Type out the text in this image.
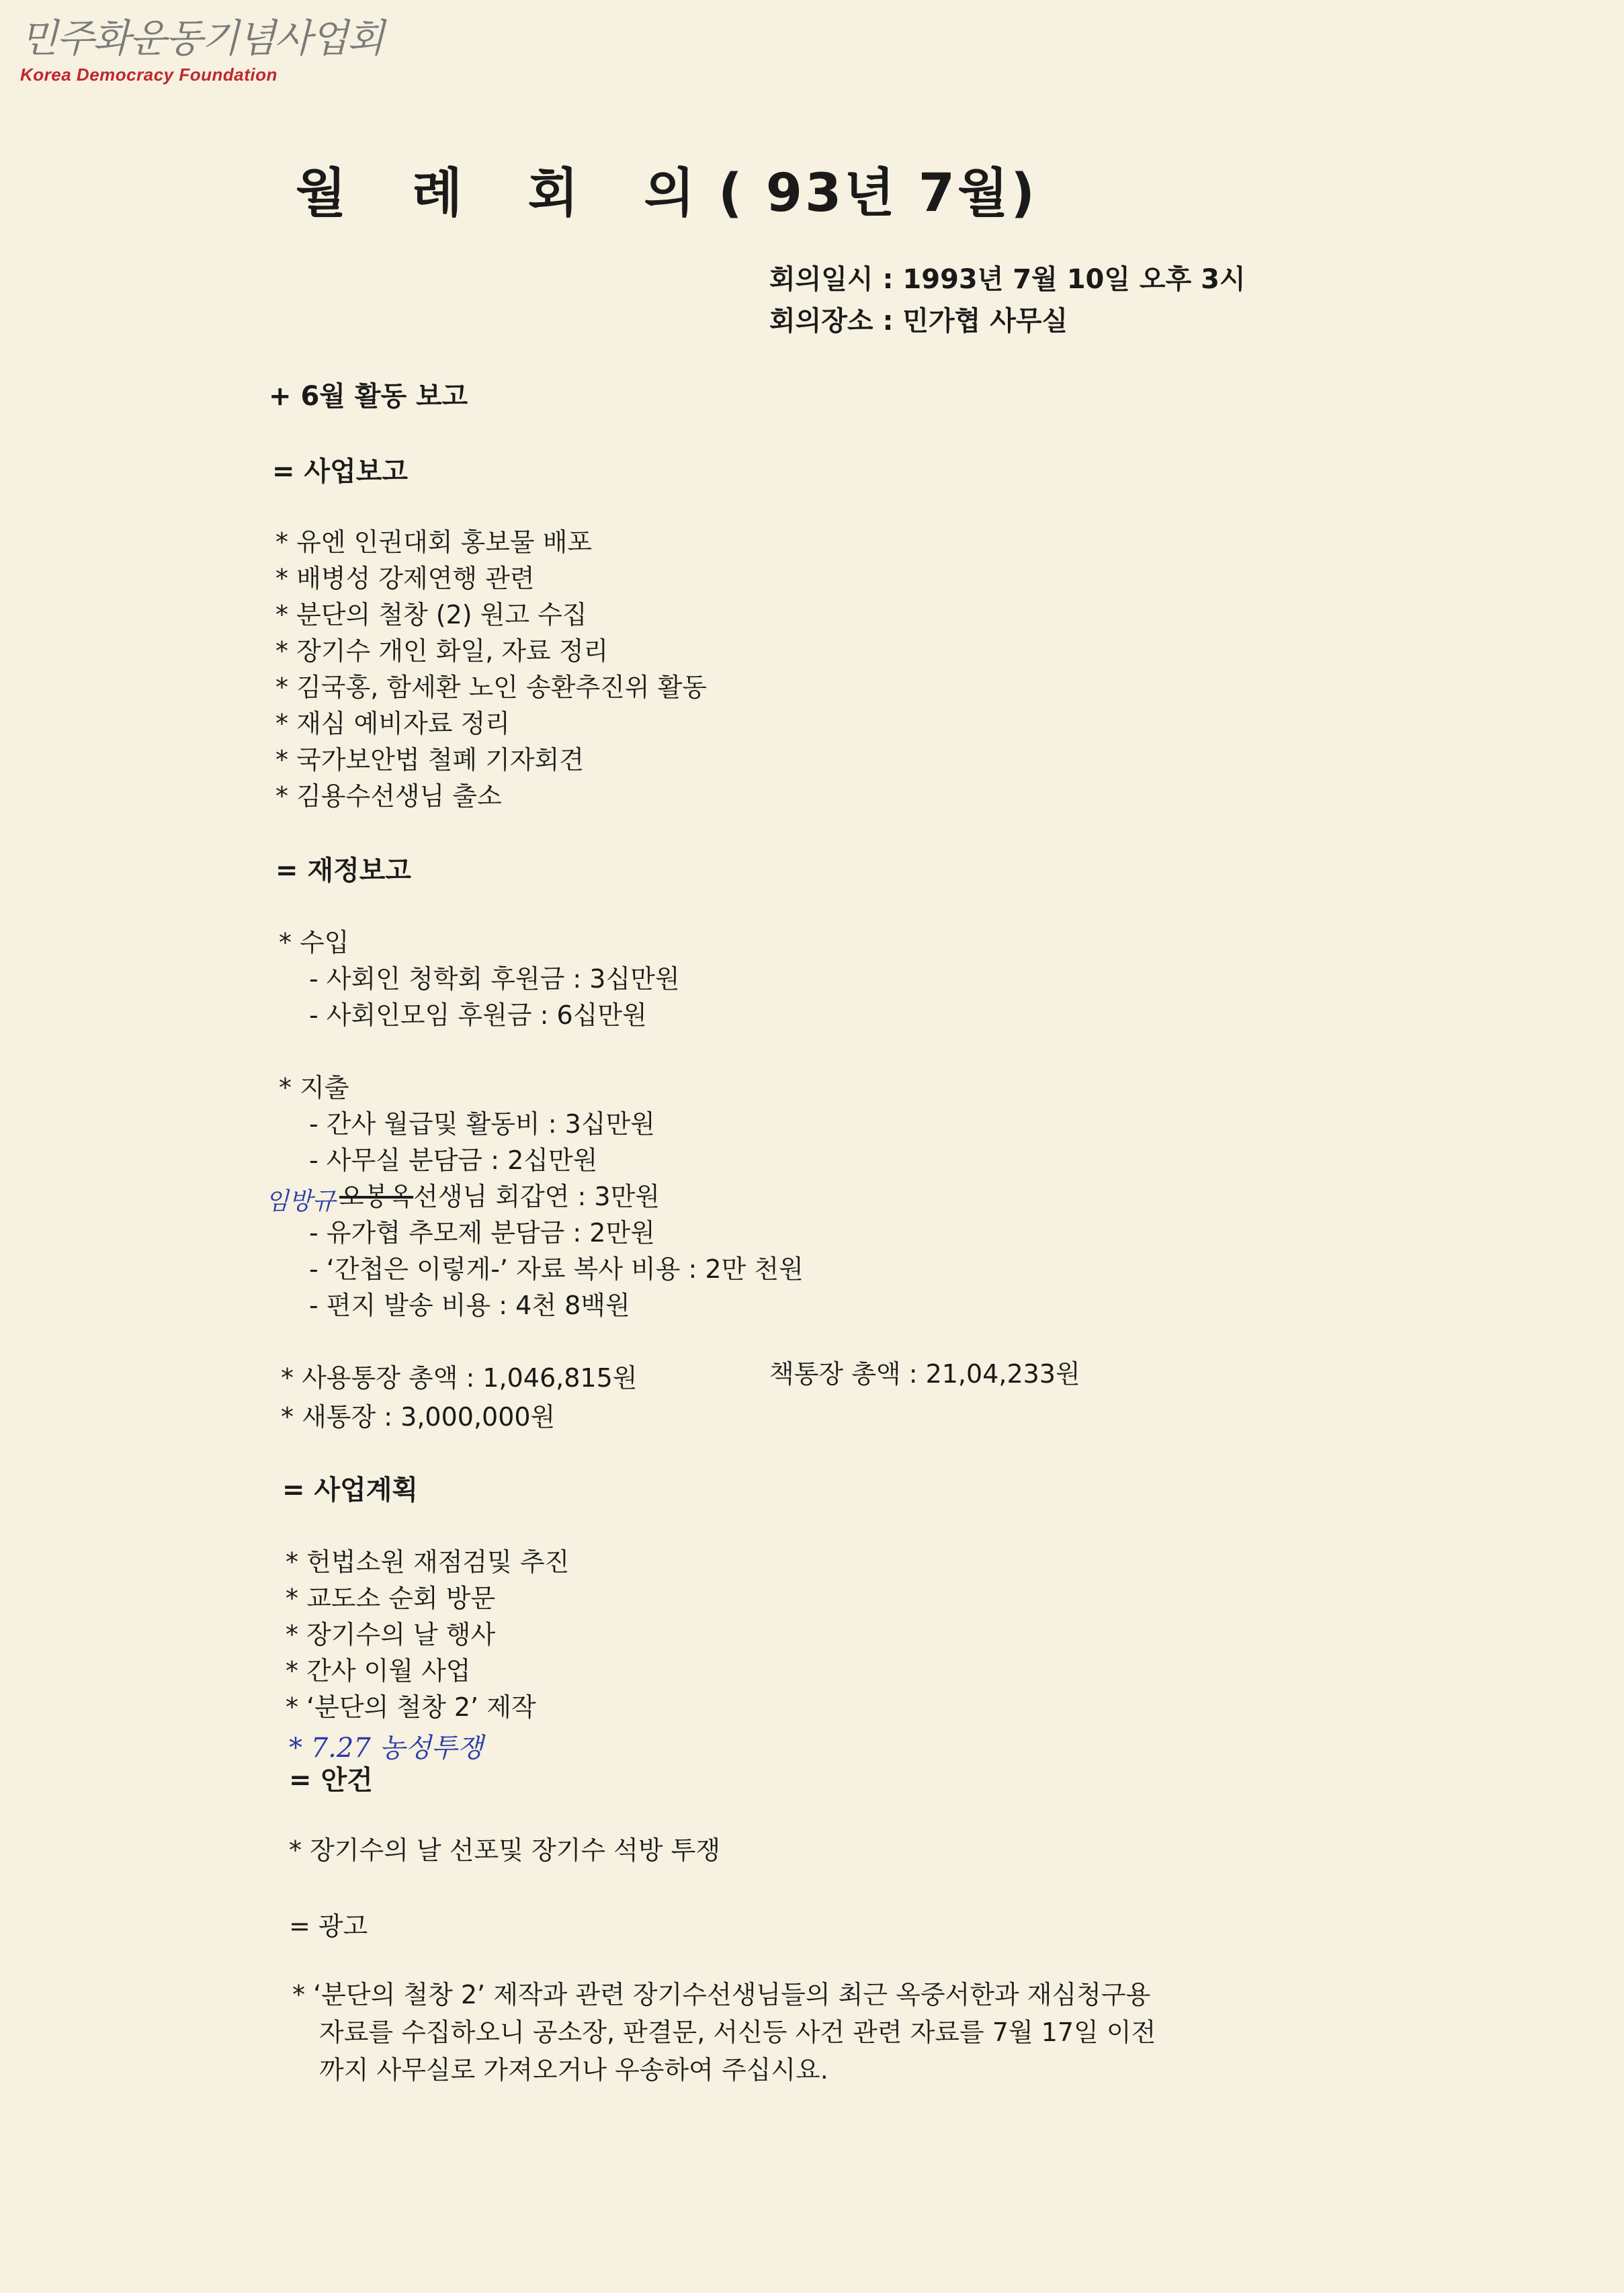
민주화운동기념사업회
Korea Democracy Foundation
월   례   회   의 ( 93년 7월)
회의일시 : 1993년 7월 10일 오후 3시
회의장소 : 민가협 사무실
+ 6월 활동 보고
= 사업보고
* 유엔 인권대회 홍보물 배포
* 배병성 강제연행 관련
* 분단의 철창 (2) 원고 수집
* 장기수 개인 화일, 자료 정리
* 김국홍, 함세환 노인 송환추진위 활동
* 재심 예비자료 정리
* 국가보안법 철폐 기자회견
* 김용수선생님 출소
= 재정보고
* 수입
- 사회인 청학회 후원금 : 3십만원
- 사회인모임 후원금 : 6십만원
* 지출
- 간사 월급및 활동비 : 3십만원
- 사무실 분담금 : 2십만원
임방규 오봉옥선생님 회갑연 : 3만원
- 유가협 추모제 분담금 : 2만원
- ‘간첩은 이렇게-’ 자료 복사 비용 : 2만 천원
- 편지 발송 비용 : 4천 8백원
* 사용통장 총액 : 1,046,815원	책통장 총액 : 21,04,233원
* 새통장 : 3,000,000원
= 사업계획
* 헌법소원 재점검및 추진
* 교도소 순회 방문
* 장기수의 날 행사
* 간사 이월 사업
* ‘분단의 철창 2’ 제작
* 7.27 농성투쟁
= 안건
* 장기수의 날 선포및 장기수 석방 투쟁
= 광고
* ‘분단의 철창 2’ 제작과 관련 장기수선생님들의 최근 옥중서한과 재심청구용
자료를 수집하오니 공소장, 판결문, 서신등 사건 관련 자료를 7월 17일 이전
까지 사무실로 가져오거나 우송하여 주십시요.
